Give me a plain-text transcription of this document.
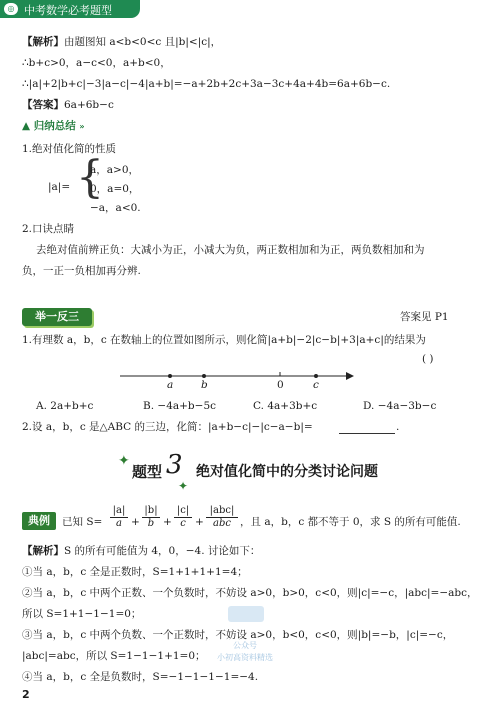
◎ 中考数学必考题型
【解析】由题图知 a<b<0<c 且|b|<|c|，
∴b+c>0，a−c<0，a+b<0，
∴|a|+2|b+c|−3|a−c|−4|a+b|=−a+2b+2c+3a−3c+4a+4b=6a+6b−c.
【答案】6a+6b−c
▲ 归纳总结 »
1.绝对值化简的性质
|a|= {
a，a>0，
0，a=0，
−a，a<0.
2.口诀点睛
去绝对值前辨正负：大减小为正，小减大为负，两正数相加和为正，两负数相加和为
负，一正一负相加再分辨.
举一反三	答案见 P1
1.有理数 a，b，c 在数轴上的位置如图所示，则化简|a+b|−2|c−b|+3|a+c|的结果为
( )
a	b	0	c
A. 2a+b+c	B. −4a+b−5c	C. 4a+3b+c	D. −4a−3b−c
2.设 a，b，c 是△ABC 的三边，化简：|a+b−c|−|c−a−b|=	.
✦
题型 3
✦
绝对值化简中的分类讨论问题
典例	已知 S=
|a|
a +
|b|
b +
|c|
c +
|abc|
abc ，且 a，b，c 都不等于 0，求 S 的所有可能值.
【解析】S 的所有可能值为 4，0，−4. 讨论如下：
①当 a，b，c 全是正数时，S=1+1+1+1=4；
②当 a，b，c 中两个正数、一个负数时，不妨设 a>0，b>0，c<0，则|c|=−c，|abc|=−abc，
所以 S=1+1−1−1=0；
③当 a，b，c 中两个负数、一个正数时，不妨设 a>0，b<0，c<0，则|b|=−b，|c|=−c，
|abc|=abc，所以 S=1−1−1+1=0；
④当 a，b，c 全是负数时，S=−1−1−1−1=−4.
公众号
小初高资料精选
2
